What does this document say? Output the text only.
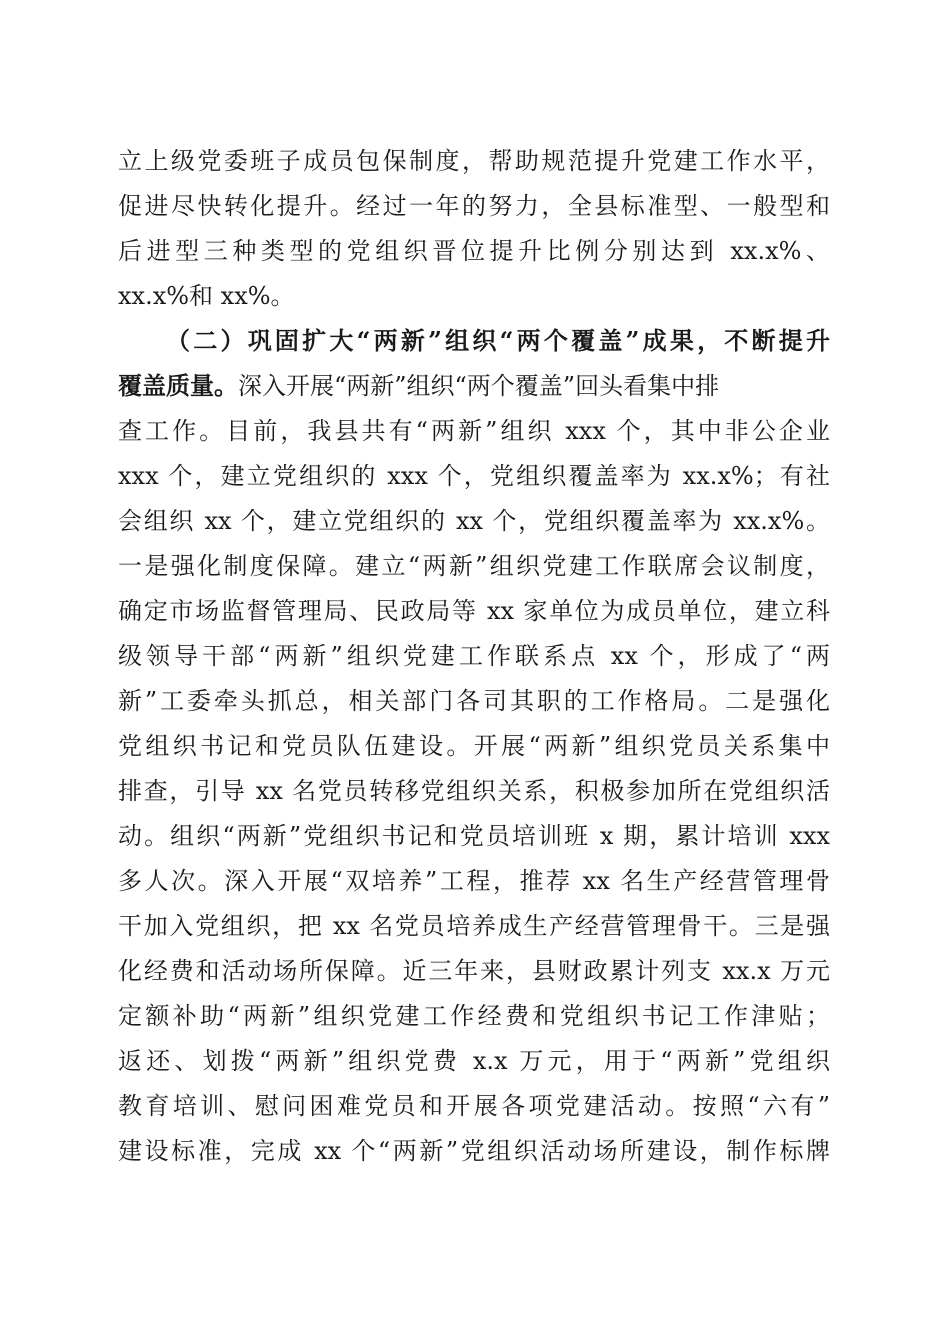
立上级党委班子成员包保制度，帮助规范提升党建工作水平，
促进尽快转化提升。经过一年的努力，全县标准型、一般型和
后进型三种类型的党组织晋位提升比例分别达到 xx.x%、
xx.x%和 xx%。
（二）巩固扩大“两新”组织“两个覆盖”成果，不断提升
覆盖质量。深入开展“两新”组织“两个覆盖”回头看集中排
查工作。目前，我县共有“两新”组织 xxx 个，其中非公企业
xxx 个，建立党组织的 xxx 个，党组织覆盖率为 xx.x%；有社
会组织 xx 个，建立党组织的 xx 个，党组织覆盖率为 xx.x%。
一是强化制度保障。建立“两新”组织党建工作联席会议制度，
确定市场监督管理局、民政局等 xx 家单位为成员单位，建立科
级领导干部“两新”组织党建工作联系点 xx 个，形成了“两
新”工委牵头抓总，相关部门各司其职的工作格局。二是强化
党组织书记和党员队伍建设。开展“两新”组织党员关系集中
排查，引导 xx 名党员转移党组织关系，积极参加所在党组织活
动。组织“两新”党组织书记和党员培训班 x 期，累计培训 xxx
多人次。深入开展“双培养”工程，推荐 xx 名生产经营管理骨
干加入党组织，把 xx 名党员培养成生产经营管理骨干。三是强
化经费和活动场所保障。近三年来，县财政累计列支 xx.x 万元
定额补助“两新”组织党建工作经费和党组织书记工作津贴；
返还、划拨“两新”组织党费 x.x 万元，用于“两新”党组织
教育培训、慰问困难党员和开展各项党建活动。按照“六有”
建设标准，完成 xx 个“两新”党组织活动场所建设，制作标牌
